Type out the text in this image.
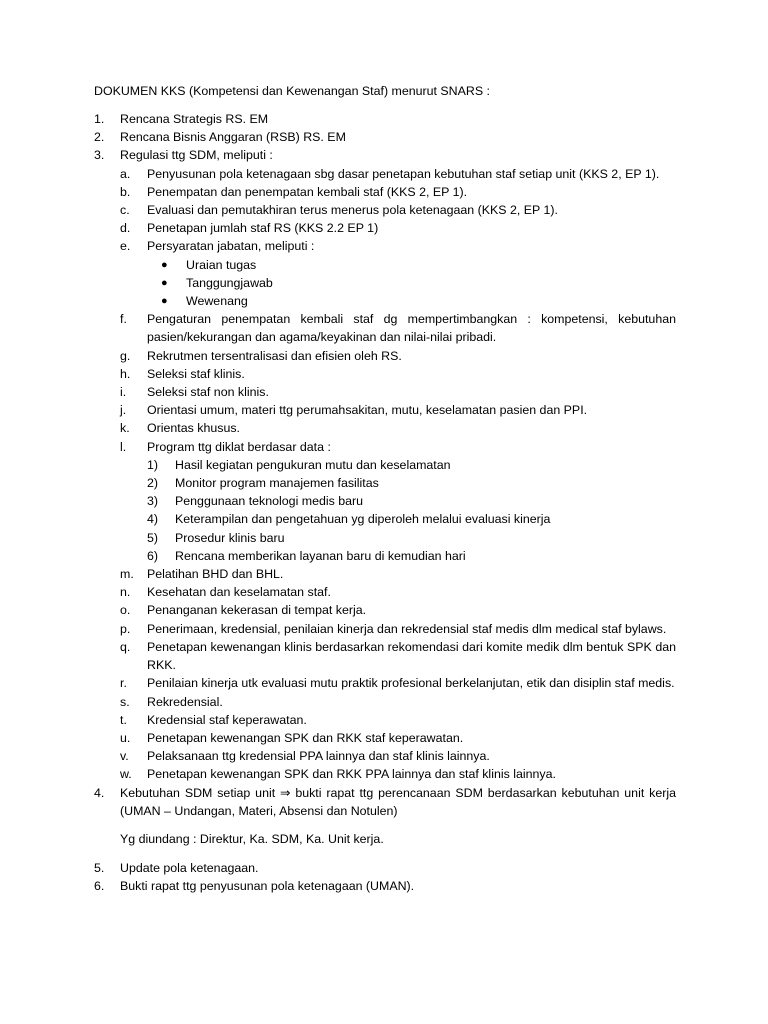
DOKUMEN KKS (Kompetensi dan Kewenangan Staf) menurut SNARS :
1.	Rencana Strategis RS. EM
2.	Rencana Bisnis Anggaran (RSB) RS. EM
3.	Regulasi ttg SDM, meliputi :
a.	Penyusunan pola ketenagaan sbg dasar penetapan kebutuhan staf setiap unit (KKS 2, EP 1).
b.	Penempatan dan penempatan kembali staf (KKS 2, EP 1).
c.	Evaluasi dan pemutakhiran terus menerus pola ketenagaan (KKS 2, EP 1).
d.	Penetapan jumlah staf RS (KKS 2.2 EP 1)
e.	Persyaratan jabatan, meliputi :
●	Uraian tugas
●	Tanggungjawab
●	Wewenang
f.	Pengaturan penempatan kembali staf dg mempertimbangkan : kompetensi, kebutuhan pasien/kekurangan dan agama/keyakinan dan nilai-nilai pribadi.
g.	Rekrutmen tersentralisasi dan efisien oleh RS.
h.	Seleksi staf klinis.
i.	Seleksi staf non klinis.
j.	Orientasi umum, materi ttg perumahsakitan, mutu, keselamatan pasien dan PPI.
k.	Orientas khusus.
l.	Program ttg diklat berdasar data :
1)	Hasil kegiatan pengukuran mutu dan keselamatan
2)	Monitor program manajemen fasilitas
3)	Penggunaan teknologi medis baru
4)	Keterampilan dan pengetahuan yg diperoleh melalui evaluasi kinerja
5)	Prosedur klinis baru
6)	Rencana memberikan layanan baru di kemudian hari
m.	Pelatihan BHD dan BHL.
n.	Kesehatan dan keselamatan staf.
o.	Penanganan kekerasan di tempat kerja.
p.	Penerimaan, kredensial, penilaian kinerja dan rekredensial staf medis dlm medical staf bylaws.
q.	Penetapan kewenangan klinis berdasarkan rekomendasi dari komite medik dlm bentuk SPK dan RKK.
r.	Penilaian kinerja utk evaluasi mutu praktik profesional berkelanjutan, etik dan disiplin staf medis.
s.	Rekredensial.
t.	Kredensial staf keperawatan.
u.	Penetapan kewenangan SPK dan RKK staf keperawatan.
v.	Pelaksanaan ttg kredensial PPA lainnya dan staf klinis lainnya.
w.	Penetapan kewenangan SPK dan RKK PPA lainnya dan staf klinis lainnya.
4.	Kebutuhan SDM setiap unit ⇒ bukti rapat ttg perencanaan SDM berdasarkan kebutuhan unit kerja (UMAN – Undangan, Materi, Absensi dan Notulen)
Yg diundang : Direktur, Ka. SDM, Ka. Unit kerja.
5.	Update pola ketenagaan.
6.	Bukti rapat ttg penyusunan pola ketenagaan (UMAN).
